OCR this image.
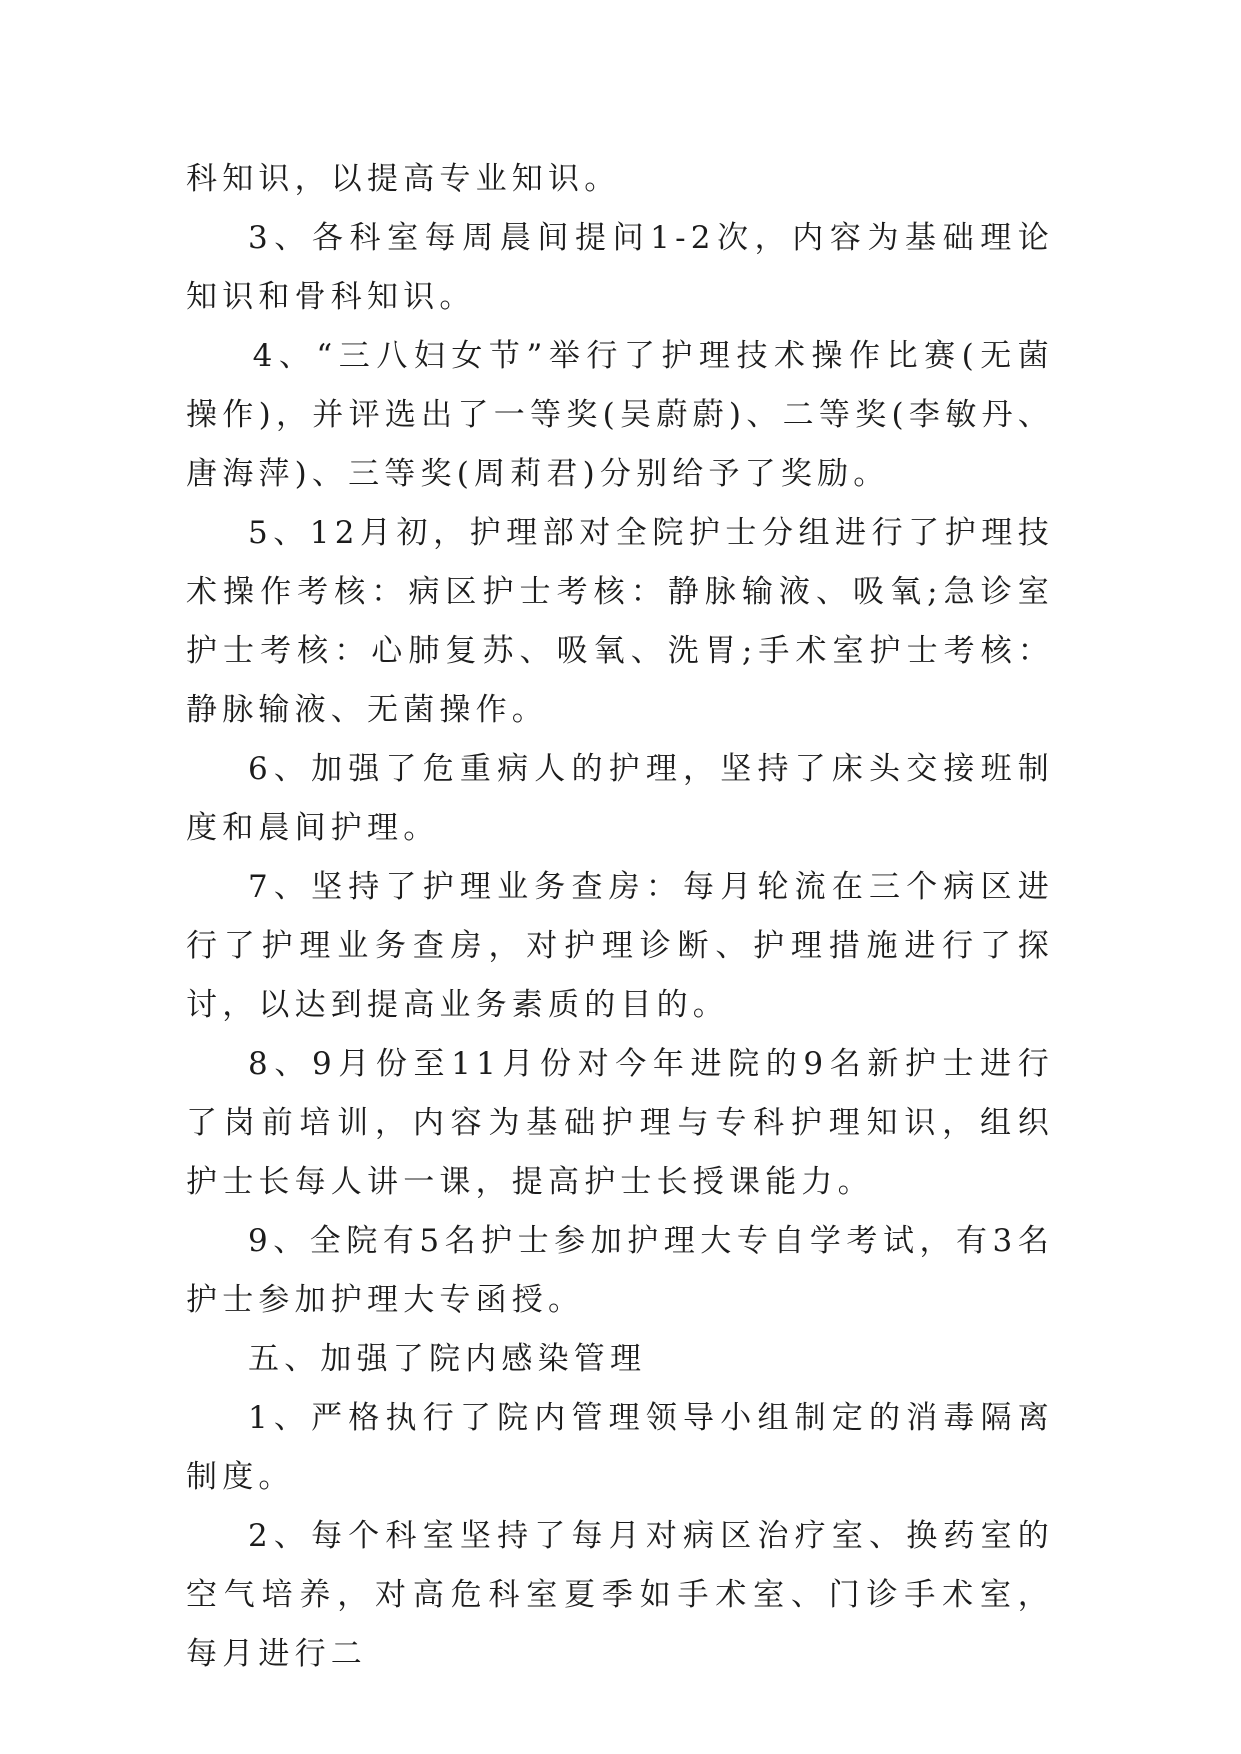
科知识，以提高专业知识。

3、各科室每周晨间提问1-2次，内容为基础理论知识和骨科知识。

4、“三八妇女节”举行了护理技术操作比赛(无菌操作)，并评选出了一等奖(吴蔚蔚)、二等奖(李敏丹、唐海萍)、三等奖(周莉君)分别给予了奖励。

5、12月初，护理部对全院护士分组进行了护理技术操作考核：病区护士考核：静脉输液、吸氧;急诊室护士考核：心肺复苏、吸氧、洗胃;手术室护士考核：静脉输液、无菌操作。

6、加强了危重病人的护理，坚持了床头交接班制度和晨间护理。

7、坚持了护理业务查房：每月轮流在三个病区进行了护理业务查房，对护理诊断、护理措施进行了探讨，以达到提高业务素质的目的。

8、9月份至11月份对今年进院的9名新护士进行了岗前培训，内容为基础护理与专科护理知识，组织护士长每人讲一课，提高护士长授课能力。

9、全院有5名护士参加护理大专自学考试，有3名护士参加护理大专函授。

五、加强了院内感染管理

1、严格执行了院内管理领导小组制定的消毒隔离制度。

2、每个科室坚持了每月对病区治疗室、换药室的空气培养，对高危科室夏季如手术室、门诊手术室，每月进行二
